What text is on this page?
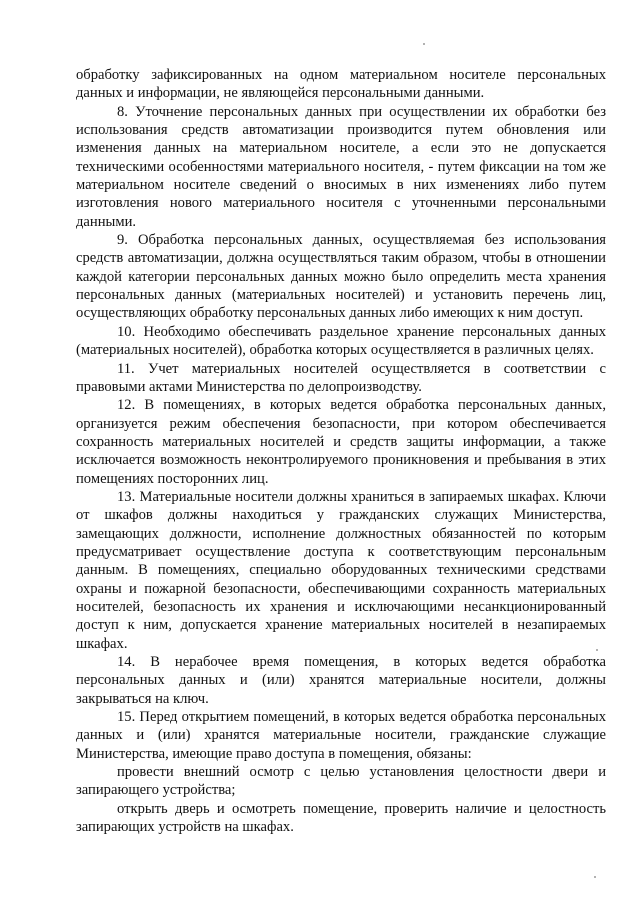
обработку зафиксированных на одном материальном носителе персональных данных и информации, не являющейся персональными данными.

8. Уточнение персональных данных при осуществлении их обработки без использования средств автоматизации производится путем обновления или изменения данных на материальном носителе, а если это не допускается техническими особенностями материального носителя, - путем фиксации на том же материальном носителе сведений о вносимых в них изменениях либо путем изготовления нового материального носителя с уточненными персональными данными.

9. Обработка персональных данных, осуществляемая без использования средств автоматизации, должна осуществляться таким образом, чтобы в отношении каждой категории персональных данных можно было определить места хранения персональных данных (материальных носителей) и установить перечень лиц, осуществляющих обработку персональных данных либо имеющих к ним доступ.

10. Необходимо обеспечивать раздельное хранение персональных данных (материальных носителей), обработка которых осуществляется в различных целях.

11. Учет материальных носителей осуществляется в соответствии с правовыми актами Министерства по делопроизводству.

12. В помещениях, в которых ведется обработка персональных данных, организуется режим обеспечения безопасности, при котором обеспечивается сохранность материальных носителей и средств защиты информации, а также исключается возможность неконтролируемого проникновения и пребывания в этих помещениях посторонних лиц.

13. Материальные носители должны храниться в запираемых шкафах. Ключи от шкафов должны находиться у гражданских служащих Министерства, замещающих должности, исполнение должностных обязанностей по которым предусматривает осуществление доступа к соответствующим персональным данным. В помещениях, специально оборудованных техническими средствами охраны и пожарной безопасности, обеспечивающими сохранность материальных носителей, безопасность их хранения и исключающими несанкционированный доступ к ним, допускается хранение материальных носителей в незапираемых шкафах.

14. В нерабочее время помещения, в которых ведется обработка персональных данных и (или) хранятся материальные носители, должны закрываться на ключ.

15. Перед открытием помещений, в которых ведется обработка персональных данных и (или) хранятся материальные носители, гражданские служащие Министерства, имеющие право доступа в помещения, обязаны:

провести внешний осмотр с целью установления целостности двери и запирающего устройства;

открыть дверь и осмотреть помещение, проверить наличие и целостность запирающих устройств на шкафах.
